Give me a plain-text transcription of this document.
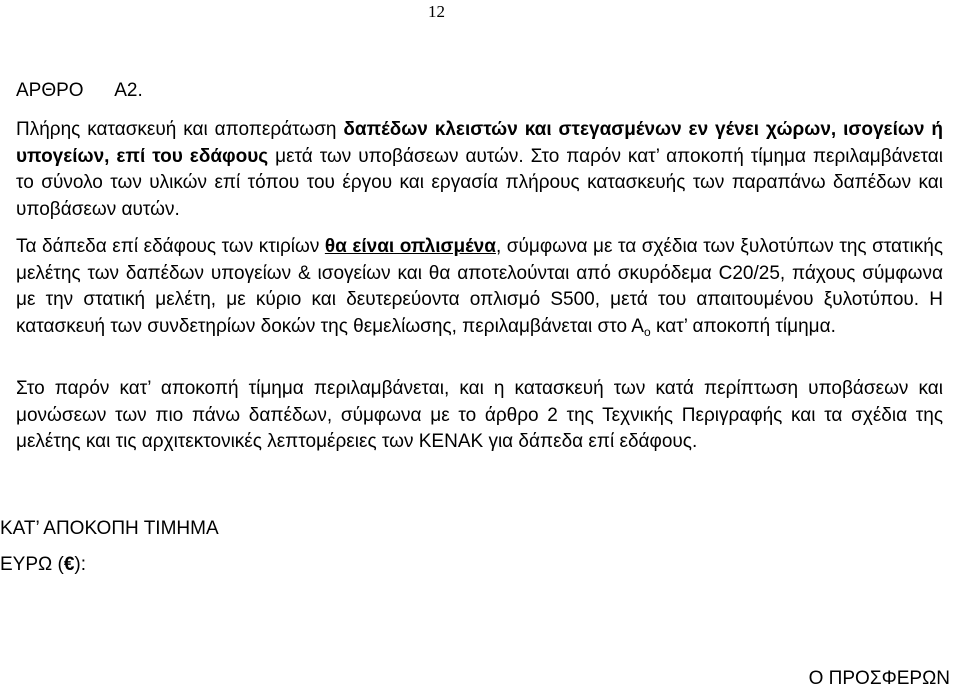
12
ΑΡΘΡΟ      Α2.
Πλήρης κατασκευή και αποπεράτωση δαπέδων κλειστών και στεγασμένων εν γένει χώρων, ισογείων ή υπογείων, επί του εδάφους μετά των υποβάσεων αυτών. Στο παρόν κατ’ αποκοπή τίμημα περιλαμβάνεται το σύνολο των υλικών επί τόπου του έργου και εργασία πλήρους κατασκευής των παραπάνω δαπέδων και υποβάσεων αυτών.
Τα δάπεδα επί εδάφους των κτιρίων θα είναι οπλισμένα, σύμφωνα με τα σχέδια των ξυλοτύπων της στατικής μελέτης των δαπέδων υπογείων & ισογείων και θα αποτελούνται από σκυρόδεμα C20/25, πάχους σύμφωνα με την στατική μελέτη, με κύριο και δευτερεύοντα οπλισμό S500, μετά του απαιτουμένου ξυλοτύπου. Η κατασκευή των συνδετηρίων δοκών της θεμελίωσης, περιλαμβάνεται στο $A_o$ κατ’ αποκοπή τίμημα.
Στο παρόν κατ’ αποκοπή τίμημα περιλαμβάνεται, και η κατασκευή των κατά περίπτωση υποβάσεων και μονώσεων των πιο πάνω δαπέδων, σύμφωνα με το άρθρο 2 της Τεχνικής Περιγραφής και τα σχέδια της μελέτης και τις αρχιτεκτονικές λεπτομέρειες των ΚΕΝΑΚ για δάπεδα επί εδάφους.
ΚΑΤ’ ΑΠΟΚΟΠΗ ΤΙΜΗΜΑ
ΕΥΡΩ (€):
Ο ΠΡΟΣΦΕΡΩΝ
